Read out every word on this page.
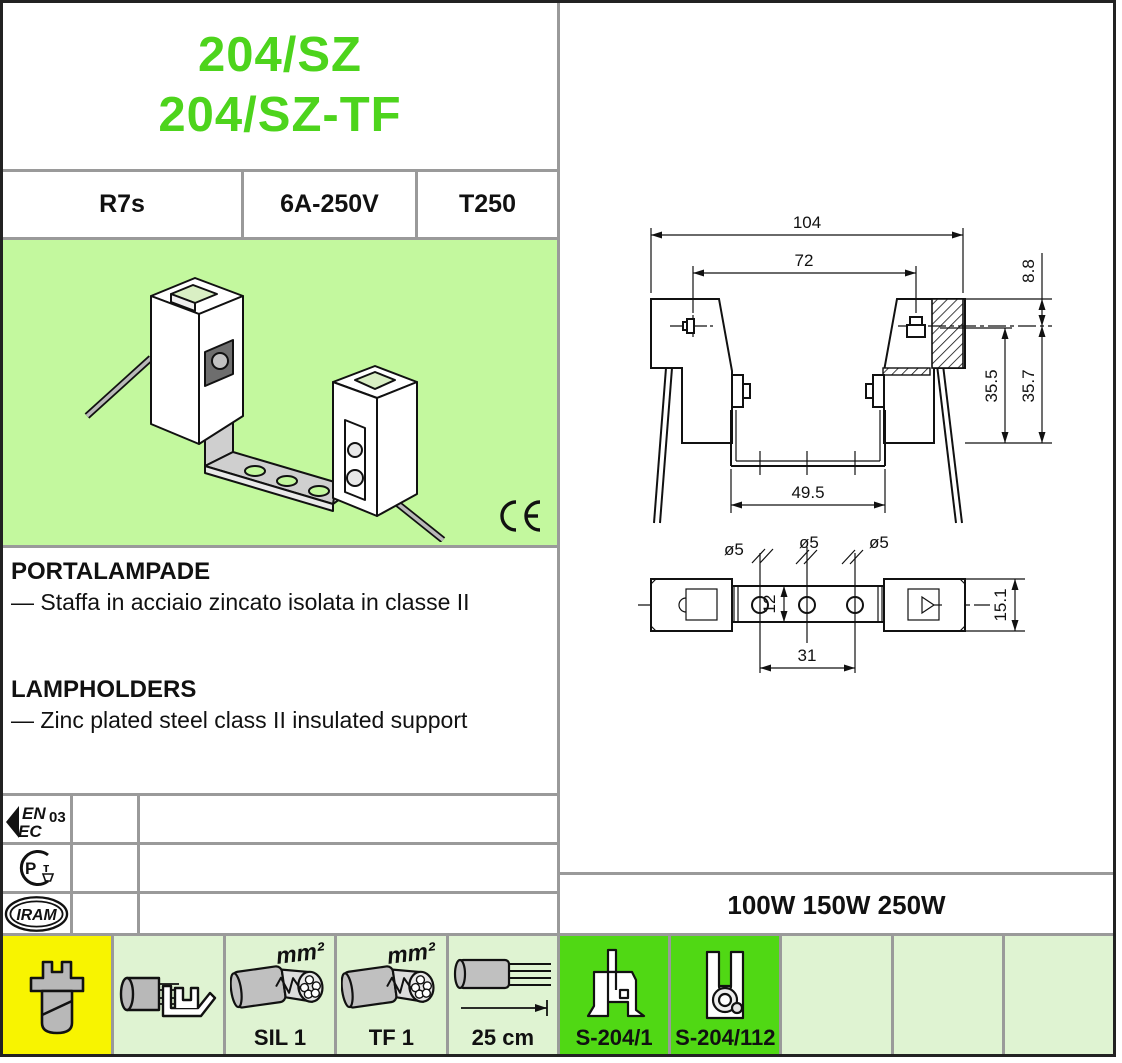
204/SZ
204/SZ-TF
R7s	6A-250V	T250
PORTALAMPADE
— Staffa in acciaio zincato isolata in classe II
LAMPHOLDERS
— Zinc plated steel class II insulated support
EN
EC
03
Р т
IRAM
104
72	8.8
35.5 35.7
49.5
ø5	ø5	ø5
12
31
15.1
100W 150W 250W
mm²
SIL 1
mm²
TF 1	25 cm	S-204/1	S-204/112
